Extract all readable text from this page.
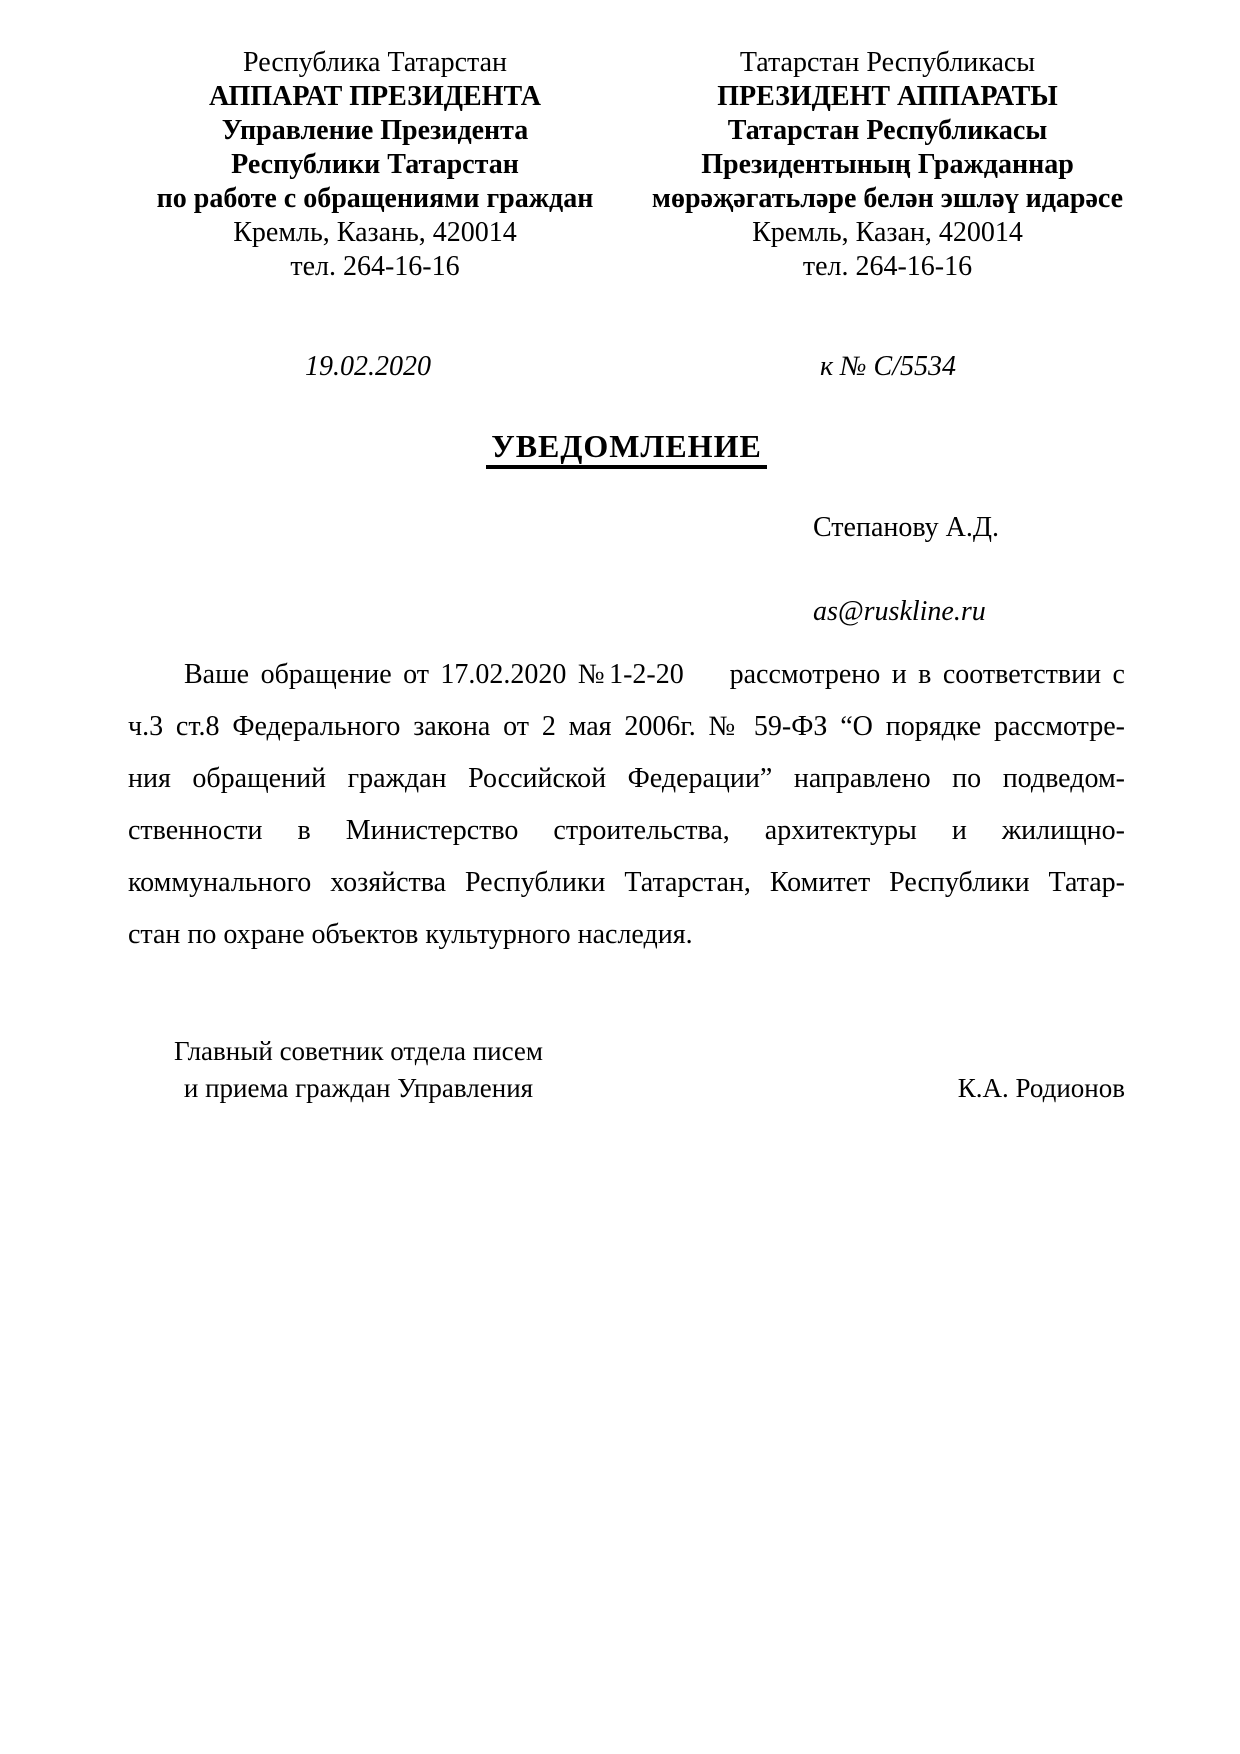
Республика Татарстан
АППАРАТ ПРЕЗИДЕНТА
Управление Президента
Республики Татарстан
по работе с обращениями граждан
Кремль, Казань, 420014
тел. 264-16-16
Татарстан Республикасы
ПРЕЗИДЕНТ АППАРАТЫ
Татарстан Республикасы
Президентының Гражданнар
мөрәҗәгатьләре белән эшләү идарәсе
Кремль, Казан, 420014
тел. 264-16-16
19.02.2020	к № С/5534
УВЕДОМЛЕНИЕ
Степанову А.Д.
as@ruskline.ru
Ваше обращение от 17.02.2020 №1-2-20    рассмотрено и в соответствии с
ч.3 ст.8 Федерального закона от 2 мая 2006г. № 59-ФЗ “О порядке рассмотре-
ния обращений граждан Российской Федерации” направлено по подведом-
ственности в Министерство строительства, архитектуры и жилищно-
коммунального хозяйства Республики Татарстан, Комитет Республики Татар-
стан по охране объектов культурного наследия.
Главный советник отдела писем
и приема граждан Управления	К.А. Родионов
